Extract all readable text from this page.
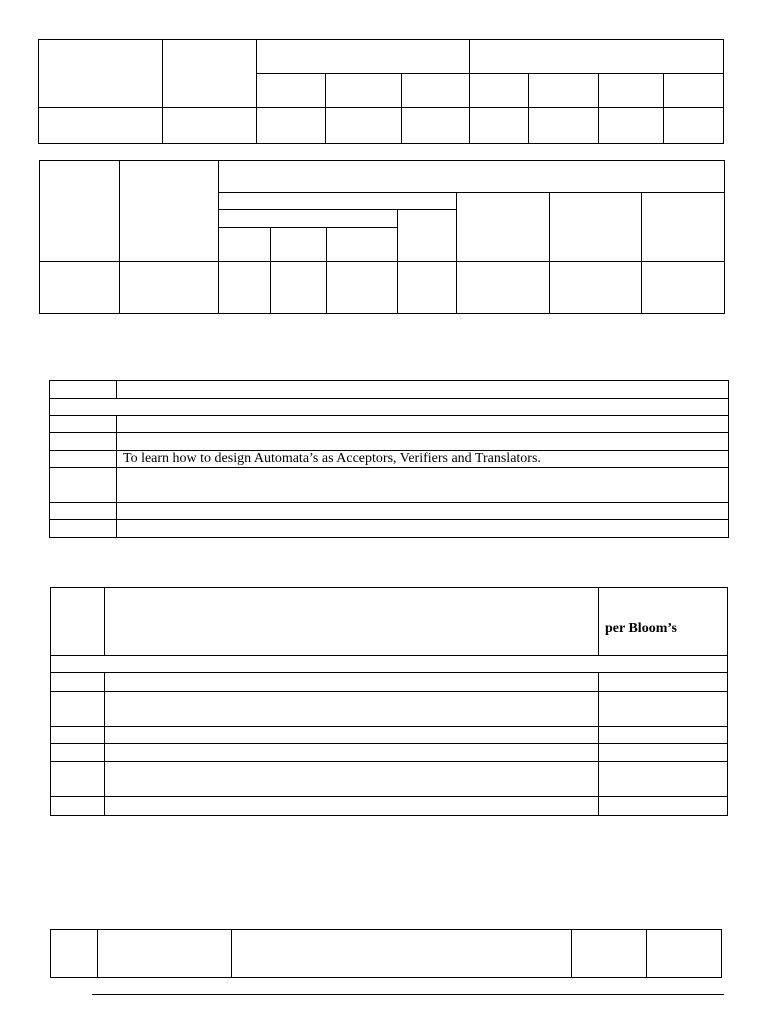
	To learn how to design Automata’s as Acceptors, Verifiers and Translators.

		per Bloom’s
